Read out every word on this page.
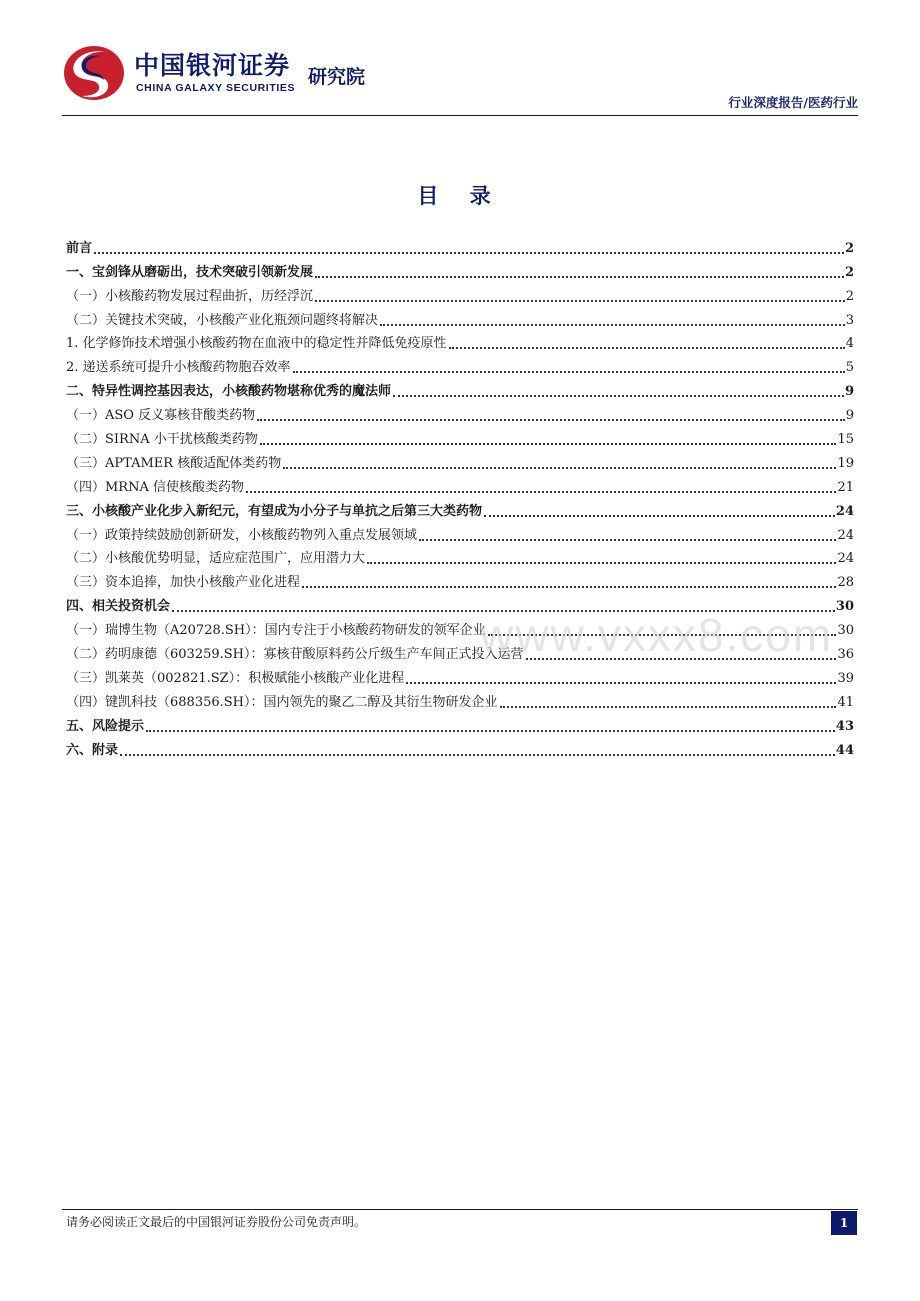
中国银河证券
CHINA GALAXY SECURITIES 研究院
行业深度报告/医药行业
目 录
前言	2
一、宝剑锋从磨砺出，技术突破引领新发展	2
（一）小核酸药物发展过程曲折，历经浮沉	2
（二）关键技术突破，小核酸产业化瓶颈问题终将解决	3
1. 化学修饰技术增强小核酸药物在血液中的稳定性并降低免疫原性	4
2. 递送系统可提升小核酸药物胞吞效率	5
二、特异性调控基因表达，小核酸药物堪称优秀的魔法师	9
（一）ASO 反义寡核苷酸类药物	9
（二）SIRNA 小干扰核酸类药物	15
（三）APTAMER 核酸适配体类药物	19
（四）MRNA 信使核酸类药物	21
三、小核酸产业化步入新纪元，有望成为小分子与单抗之后第三大类药物	24
（一）政策持续鼓励创新研发，小核酸药物列入重点发展领域	24
（二）小核酸优势明显，适应症范围广，应用潜力大	24
（三）资本追捧，加快小核酸产业化进程	28
四、相关投资机会	30
（一）瑞博生物（A20728.SH）：国内专注于小核酸药物研发的领军企业	30
（二）药明康德（603259.SH）：寡核苷酸原料药公斤级生产车间正式投入运营	36
（三）凯莱英（002821.SZ）：积极赋能小核酸产业化进程	39
（四）键凯科技（688356.SH）：国内领先的聚乙二醇及其衍生物研发企业	41
五、风险提示	43
六、附录	44
www.vxxx8.com
请务必阅读正文最后的中国银河证券股份公司免责声明。	1
